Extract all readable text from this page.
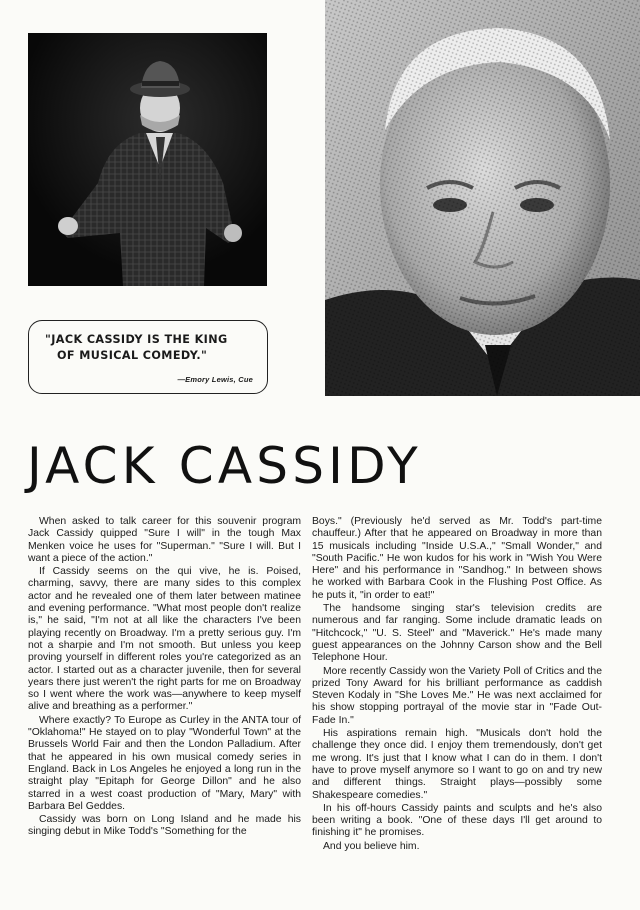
"JACK CASSIDY IS THE KING
OF MUSICAL COMEDY."

—Emory Lewis, Cue
JACK CASSIDY

When asked to talk career for this souvenir program Jack Cassidy quipped "Sure I will" in the tough Max Menken voice he uses for "Superman." "Sure I will. But I want a piece of the action."

If Cassidy seems on the qui vive, he is. Poised, charming, savvy, there are many sides to this complex actor and he revealed one of them later between matinee and evening performance. "What most people don't realize is," he said, "I'm not at all like the characters I've been playing recently on Broadway. I'm a pretty serious guy. I'm not a sharpie and I'm not smooth. But unless you keep proving yourself in different roles you're categorized as an actor. I started out as a character juvenile, then for several years there just weren't the right parts for me on Broadway so I went where the work was—anywhere to keep myself alive and breathing as a performer."

Where exactly? To Europe as Curley in the ANTA tour of "Oklahoma!" He stayed on to play "Wonderful Town" at the Brussels World Fair and then the London Palladium. After that he appeared in his own musical comedy series in England. Back in Los Angeles he enjoyed a long run in the straight play "Epitaph for George Dillon" and he also starred in a west coast production of "Mary, Mary" with Barbara Bel Geddes.

Cassidy was born on Long Island and he made his singing debut in Mike Todd's "Something for the

Boys." (Previously he'd served as Mr. Todd's part-time chauffeur.) After that he appeared on Broadway in more than 15 musicals including "Inside U.S.A.," "Small Wonder," and "South Pacific." He won kudos for his work in "Wish You Were Here" and his performance in "Sandhog." In between shows he worked with Barbara Cook in the Flushing Post Office. As he puts it, "in order to eat!"

The handsome singing star's television credits are numerous and far ranging. Some include dramatic leads on "Hitchcock," "U. S. Steel" and "Maverick." He's made many guest appearances on the Johnny Carson show and the Bell Telephone Hour.

More recently Cassidy won the Variety Poll of Critics and the prized Tony Award for his brilliant performance as caddish Steven Kodaly in "She Loves Me." He was next acclaimed for his show stopping portrayal of the movie star in "Fade Out-Fade In."

His aspirations remain high. "Musicals don't hold the challenge they once did. I enjoy them tremendously, don't get me wrong. It's just that I know what I can do in them. I don't have to prove myself anymore so I want to go on and try new and different things. Straight plays—possibly some Shakespeare comedies."

In his off-hours Cassidy paints and sculpts and he's also been writing a book. "One of these days I'll get around to finishing it" he promises.

And you believe him.
